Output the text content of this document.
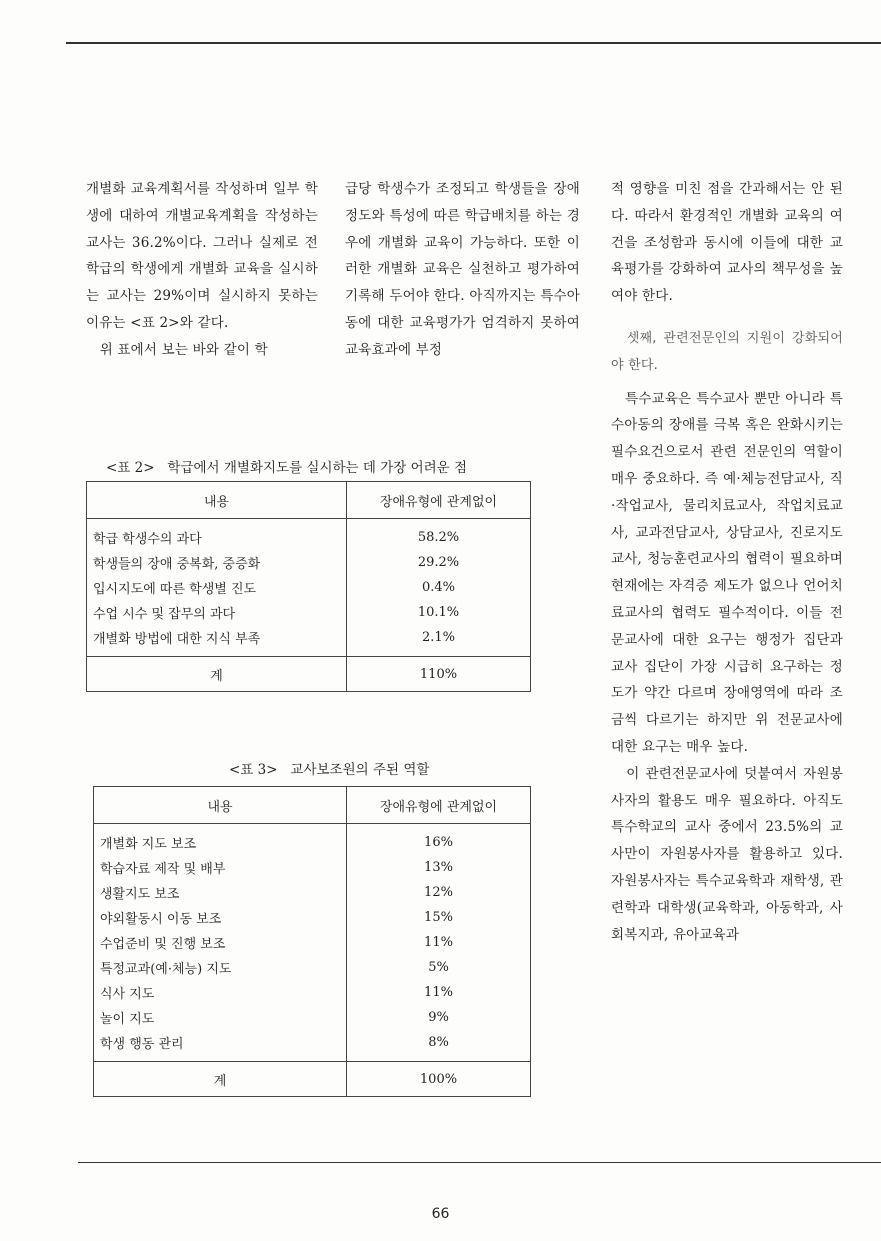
개별화 교육계획서를 작성하며 일부 학생에 대하여 개별교육계획을 작성하는 교사는 36.2%이다. 그러나 실제로 전 학급의 학생에게 개별화 교육을 실시하는 교사는 29%이며 실시하지 못하는 이유는 <표 2>와 같다.
　위 표에서 보는 바와 같이 학

급당 학생수가 조정되고 학생들을 장애 정도와 특성에 따른 학급배치를 하는 경우에 개별화 교육이 가능하다. 또한 이러한 개별화 교육은 실천하고 평가하여 기록해 두어야 한다. 아직까지는 특수아동에 대한 교육평가가 엄격하지 못하여 교육효과에 부정

적 영향을 미친 점을 간과해서는 안 된다. 따라서 환경적인 개별화 교육의 여건을 조성함과 동시에 이들에 대한 교육평가를 강화하여 교사의 책무성을 높여야 한다.

　셋째, 관련전문인의 지원이 강화되어야 한다.

　특수교육은 특수교사 뿐만 아니라 특수아동의 장애를 극복 혹은 완화시키는 필수요건으로서 관련 전문인의 역할이 매우 중요하다. 즉 예·체능전담교사, 직·작업교사, 물리치료교사, 작업치료교사, 교과전담교사, 상담교사, 진로지도교사, 청능훈련교사의 협력이 필요하며 현재에는 자격증 제도가 없으나 언어치료교사의 협력도 필수적이다. 이들 전문교사에 대한 요구는 행정가 집단과 교사 집단이 가장 시급히 요구하는 정도가 약간 다르며 장애영역에 따라 조금씩 다르기는 하지만 위 전문교사에 대한 요구는 매우 높다.

　이 관련전문교사에 덧붙여서 자원봉사자의 활용도 매우 필요하다. 아직도 특수학교의 교사 중에서 23.5%의 교사만이 자원봉사자를 활용하고 있다. 자원봉사자는 특수교육학과 재학생, 관련학과 대학생(교육학과, 아동학과, 사회복지과, 유아교육과

<표 2> 학급에서 개별화지도를 실시하는 데 가장 어려운 점
내용	장애유형에 관계없이
학급 학생수의 과다	58.2%
학생들의 장애 중복화, 중증화	29.2%
입시지도에 따른 학생별 진도	0.4%
수업 시수 및 잡무의 과다	10.1%
개별화 방법에 대한 지식 부족	2.1%
계	110%
<표 3> 교사보조원의 주된 역할
내용	장애유형에 관계없이
개별화 지도 보조	16%
학습자료 제작 및 배부	13%
생활지도 보조	12%
야외활동시 이동 보조	15%
수업준비 및 진행 보조	11%
특정교과(예·체능) 지도	5%
식사 지도	11%
놀이 지도	9%
학생 행동 관리	8%
계	100%
66
